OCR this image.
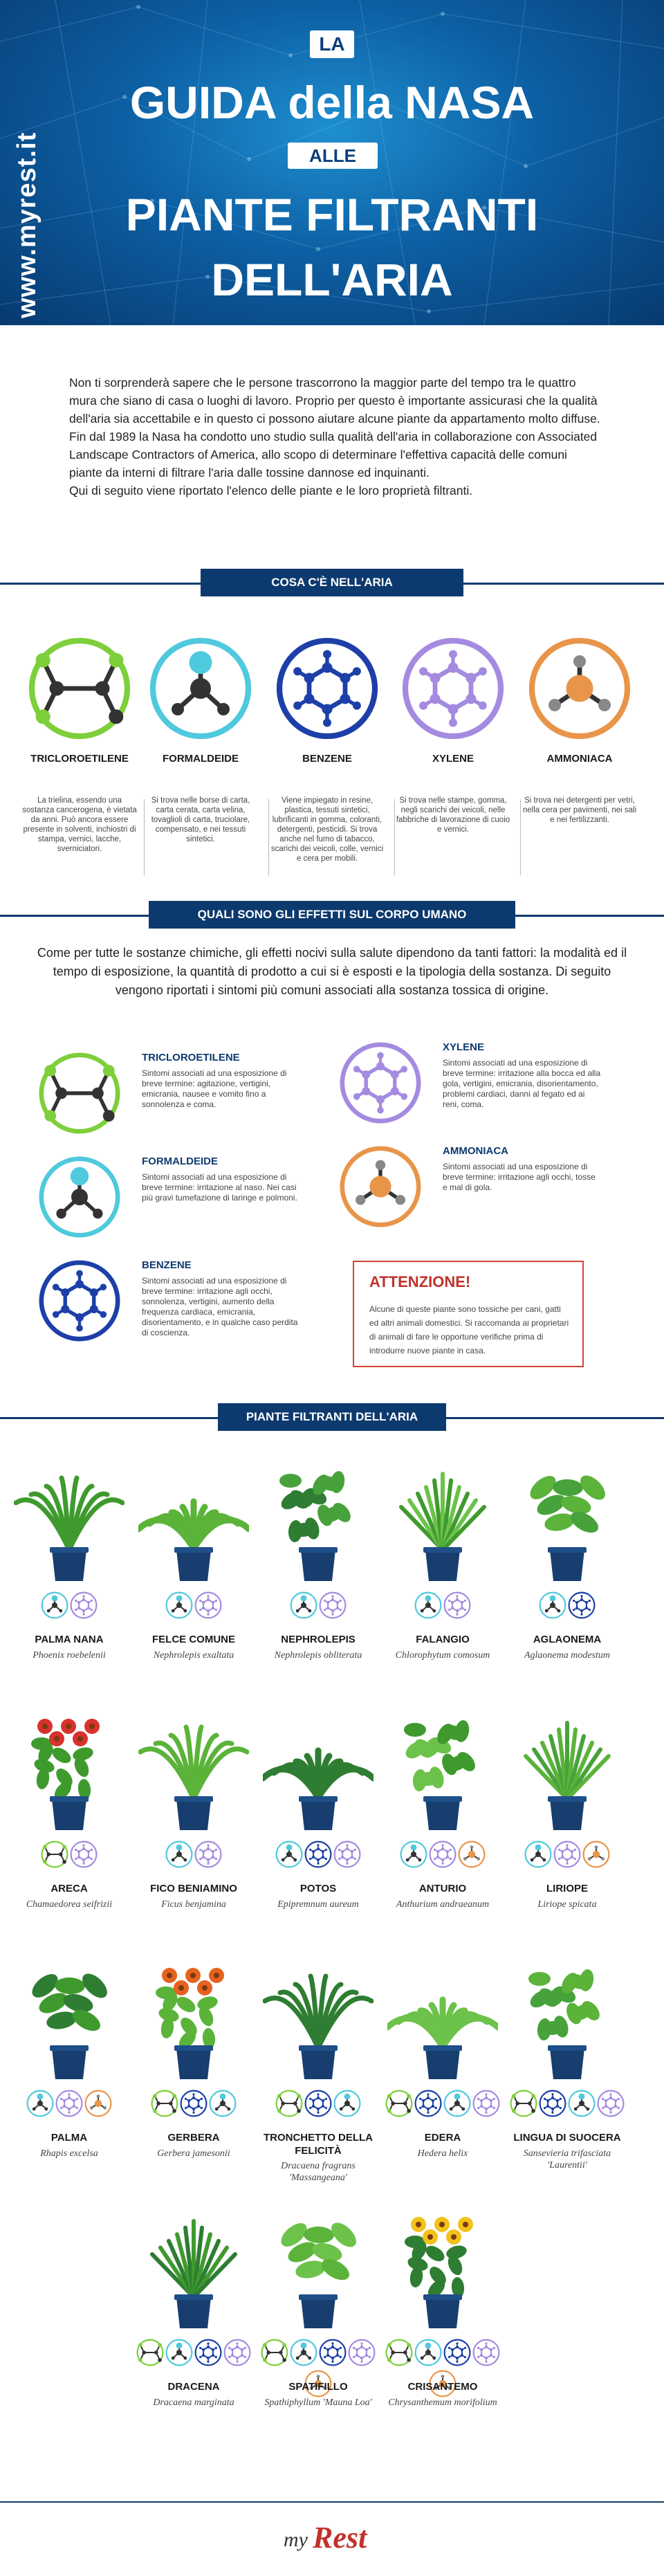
www.myrest.it
LA
GUIDA della NASA
ALLE
PIANTE FILTRANTI
DELL'ARIA

Non ti sorprenderà sapere che le persone trascorrono la maggior parte del tempo tra le quattro mura che siano di casa o luoghi di lavoro. Proprio per questo è importante assicurasi che la qualità dell'aria sia accettabile e in questo ci possono aiutare alcune piante da appartamento molto diffuse.

Fin dal 1989 la Nasa ha condotto uno studio sulla qualità dell'aria in collaborazione con Associated Landscape Contractors of America, allo scopo di determinare l'effettiva capacità delle comuni piante da interni di filtrare l'aria dalle tossine dannose ed inquinanti.

Qui di seguito viene riportato l'elenco delle piante e le loro proprietà filtranti.

COSA C'È NELL'ARIA
TRICLOROETILENE
La trielina, essendo una sostanza cancerogena, è vietata da anni. Può ancora essere presente in solventi, inchiostri di stampa, vernici, lacche, sverniciatori.
FORMALDEIDE
Si trova nelle borse di carta, carta cerata, carta velina, tovaglioli di carta, truciolare, compensato, e nei tessuti sintetici.
BENZENE
Viene impiegato in resine, plastica, tessuti sintetici, lubrificanti in gomma, coloranti, detergenti, pesticidi. Si trova anche nel fumo di tabacco, scarichi dei veicoli, colle, vernici e cera per mobili.
XYLENE
Si trova nelle stampe, gomma, negli scarichi dei veicoli, nelle fabbriche di lavorazione di cuoio e vernici.
AMMONIACA
Si trova nei detergenti per vetri, nella cera per pavimenti, nei sali e nei fertilizzanti.
QUALI SONO GLI EFFETTI SUL CORPO UMANO
Come per tutte le sostanze chimiche, gli effetti nocivi sulla salute dipendono da tanti fattori: la modalità ed il tempo di esposizione, la quantità di prodotto a cui si è esposti e la tipologia della sostanza. Di seguito vengono riportati i sintomi più comuni associati alla sostanza tossica di origine.
TRICLOROETILENE
Sintomi associati ad una esposizione di breve termine: agitazione, vertigini, emicrania, nausee e vomito fino a sonnolenza e coma.
FORMALDEIDE
Sintomi associati ad una esposizione di breve termine: irritazione al naso. Nei casi più gravi tumefazione di laringe e polmoni.
BENZENE
Sintomi associati ad una esposizione di breve termine: irritazione agli occhi, sonnolenza, vertigini, aumento della frequenza cardiaca, emicrania, disorientamento, e in qualche caso perdita di coscienza.
XYLENE
Sintomi associati ad una esposizione di breve termine: irritazione alla bocca ed alla gola, vertigini, emicrania, disorientamento, problemi cardiaci, danni al fegato ed ai reni, coma.
AMMONIACA
Sintomi associati ad una esposizione di breve termine: irritazione agli occhi, tosse e mal di gola.
ATTENZIONE!
Alcune di queste piante sono tossiche per cani, gatti ed altri animali domestici. Si raccomanda ai proprietari di animali di fare le opportune verifiche prima di introdurre nuove piante in casa.
PIANTE FILTRANTI DELL'ARIA
PALMA NANA
Phoenix roebelenii
FELCE COMUNE
Nephrolepis exaltata
NEPHROLEPIS
Nephrolepis obliterata
FALANGIO
Chlorophytum comosum
AGLAONEMA
Aglaonema modestum
ARECA
Chamaedorea seifrizii
FICO BENIAMINO
Ficus benjamina
POTOS
Epipremnum aureum
ANTURIO
Anthurium andraeanum
LIRIOPE
Liriope spicata
PALMA
Rhapis excelsa
GERBERA
Gerbera jamesonii
TRONCHETTO DELLA FELICITÀ
Dracaena fragrans 'Massangeana'
EDERA
Hedera helix
LINGUA DI SUOCERA
Sansevieria trifasciata 'Laurentii'
DRACENA
Dracaena marginata
SPATIFILLO
Spathiphyllum 'Mauna Loa'
CRISANTEMO
Chrysanthemum morifolium
my Rest
